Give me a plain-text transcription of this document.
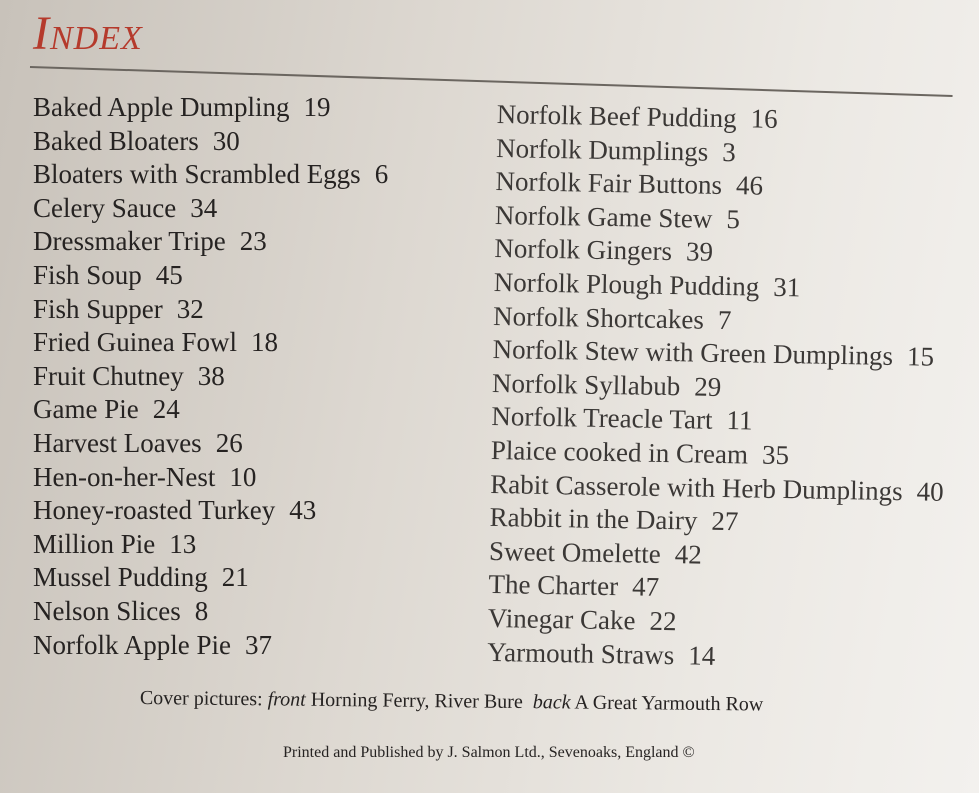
Index
Baked Apple Dumpling 19
Baked Bloaters 30
Bloaters with Scrambled Eggs 6
Celery Sauce 34
Dressmaker Tripe 23
Fish Soup 45
Fish Supper 32
Fried Guinea Fowl 18
Fruit Chutney 38
Game Pie 24
Harvest Loaves 26
Hen-on-her-Nest 10
Honey-roasted Turkey 43
Million Pie 13
Mussel Pudding 21
Nelson Slices 8
Norfolk Apple Pie 37
Norfolk Beef Pudding 16
Norfolk Dumplings 3
Norfolk Fair Buttons 46
Norfolk Game Stew 5
Norfolk Gingers 39
Norfolk Plough Pudding 31
Norfolk Shortcakes 7
Norfolk Stew with Green Dumplings 15
Norfolk Syllabub 29
Norfolk Treacle Tart 11
Plaice cooked in Cream 35
Rabit Casserole with Herb Dumplings 40
Rabbit in the Dairy 27
Sweet Omelette 42
The Charter 47
Vinegar Cake 22
Yarmouth Straws 14
Cover pictures: front Horning Ferry, River Bure back A Great Yarmouth Row
Printed and Published by J. Salmon Ltd., Sevenoaks, England ©
